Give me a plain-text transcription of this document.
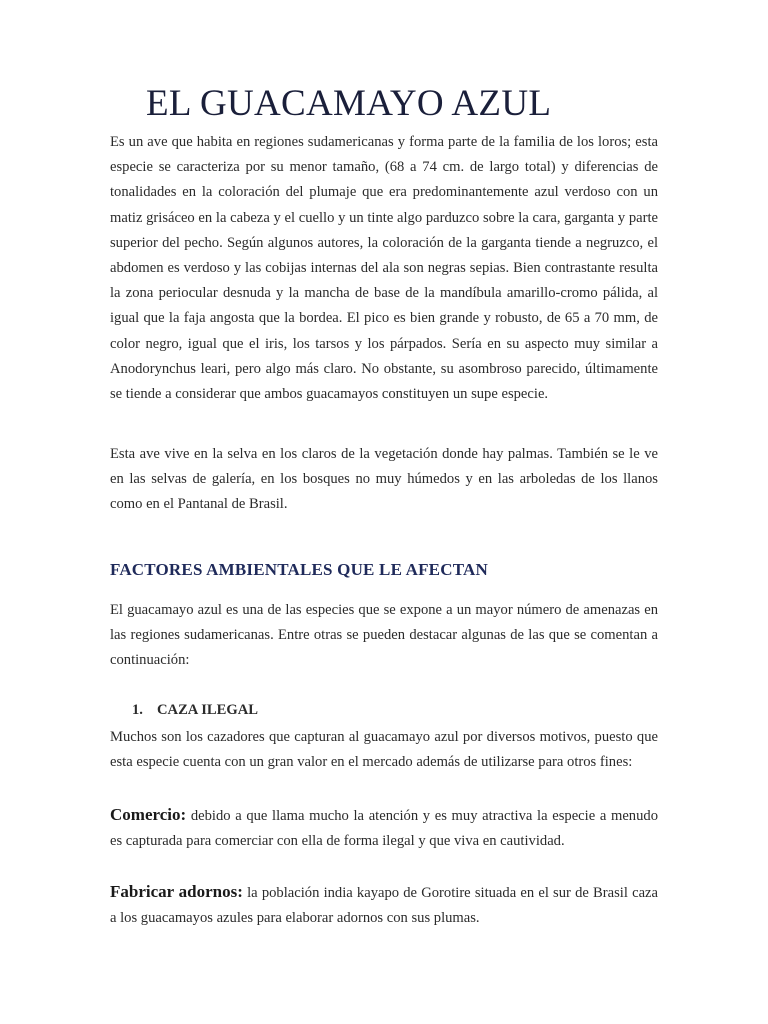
EL GUACAMAYO AZUL

Es un ave que habita en regiones sudamericanas y forma parte de la familia de los loros; esta especie se caracteriza por su menor tamaño, (68 a 74 cm. de largo total) y diferencias de tonalidades en la coloración del plumaje que era predominantemente azul verdoso con un matiz grisáceo en la cabeza y el cuello y un tinte algo parduzco sobre la cara, garganta y parte superior del pecho. Según algunos autores, la coloración de la garganta tiende a negruzco, el abdomen es verdoso y las cobijas internas del ala son negras sepias. Bien contrastante resulta la zona periocular desnuda y la mancha de base de la mandíbula amarillo-cromo pálida, al igual que la faja angosta que la bordea. El pico es bien grande y robusto, de 65 a 70 mm, de color negro, igual que el iris, los tarsos y los párpados. Sería en su aspecto muy similar a Anodorynchus leari, pero algo más claro. No obstante, su asombroso parecido, últimamente se tiende a considerar que ambos guacamayos constituyen un supe especie.

Esta ave vive en la selva en los claros de la vegetación donde hay palmas. También se le ve en las selvas de galería, en los bosques no muy húmedos y en las arboledas de los llanos como en el Pantanal de Brasil.

FACTORES AMBIENTALES QUE LE AFECTAN

El guacamayo azul es una de las especies que se expone a un mayor número de amenazas en las regiones sudamericanas. Entre otras se pueden destacar algunas de las que se comentan a continuación:

1. CAZA ILEGAL

Muchos son los cazadores que capturan al guacamayo azul por diversos motivos, puesto que esta especie cuenta con un gran valor en el mercado además de utilizarse para otros fines:

Comercio: debido a que llama mucho la atención y es muy atractiva la especie a menudo es capturada para comerciar con ella de forma ilegal y que viva en cautividad.

Fabricar adornos: la población india kayapo de Gorotire situada en el sur de Brasil caza a los guacamayos azules para elaborar adornos con sus plumas.
